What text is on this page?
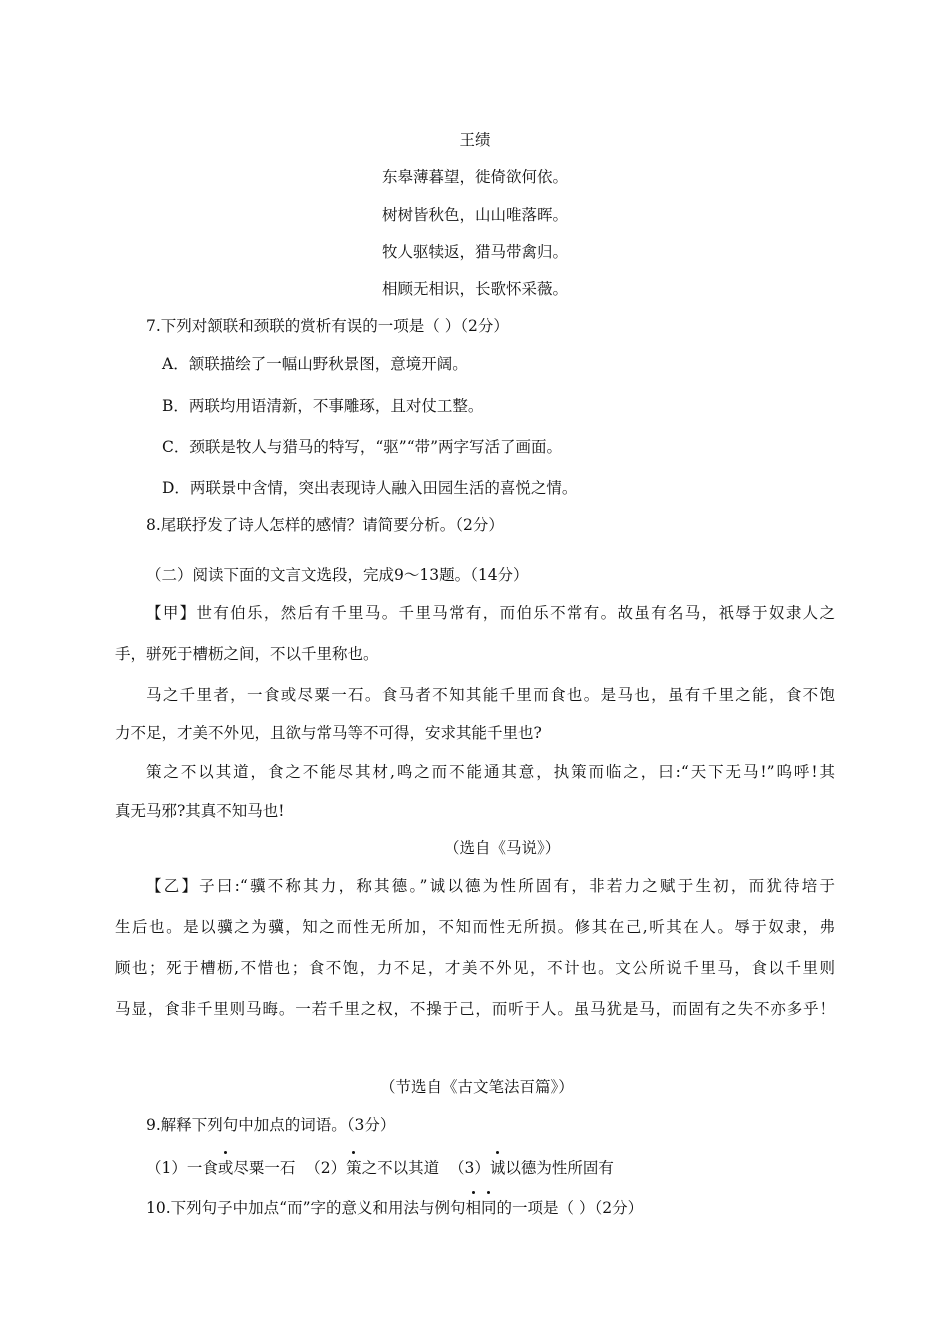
王绩
东皋薄暮望，徙倚欲何依。
树树皆秋色，山山唯落晖。
牧人驱犊返，猎马带禽归。
相顾无相识，长歌怀采薇。
7.下列对颔联和颈联的赏析有误的一项是（ ）（2分）
A．颔联描绘了一幅山野秋景图，意境开阔。
B．两联均用语清新，不事雕琢，且对仗工整。
C．颈联是牧人与猎马的特写，“驱”“带”两字写活了画面。
D．两联景中含情，突出表现诗人融入田园生活的喜悦之情。
8.尾联抒发了诗人怎样的感情？请简要分析。（2分）
（二）阅读下面的文言文选段，完成9～13题。（14分）
【甲】世有伯乐，然后有千里马。千里马常有，而伯乐不常有。故虽有名马，祇辱于奴隶人之
手，骈死于槽枥之间，不以千里称也。
马之千里者，一食或尽粟一石。食马者不知其能千里而食也。是马也，虽有千里之能，食不饱
力不足，才美不外见，且欲与常马等不可得，安求其能千里也?
策之不以其道，食之不能尽其材,鸣之而不能通其意，执策而临之，曰:“天下无马!”呜呼!其
真无马邪?其真不知马也!
（选自《马说》）
【乙】子曰:“骥不称其力，称其德。”诚以德为性所固有，非若力之赋于生初，而犹待培于
生后也。是以骥之为骥，知之而性无所加，不知而性无所损。修其在己,听其在人。辱于奴隶，弗
顾也；死于槽枥,不惜也；食不饱，力不足，才美不外见，不计也。文公所说千里马，食以千里则
马显，食非千里则马晦。一若千里之权，不操于己，而听于人。虽马犹是马，而固有之失不亦多乎！
（节选自《古文笔法百篇》）
9.解释下列句中加点的词语。（3分）
（1）一食或尽粟一石 （2）策之不以其道 （3）诚以德为性所固有
10.下列句子中加点“而”字的意义和用法与例句相同的一项是（ ）（2分）
